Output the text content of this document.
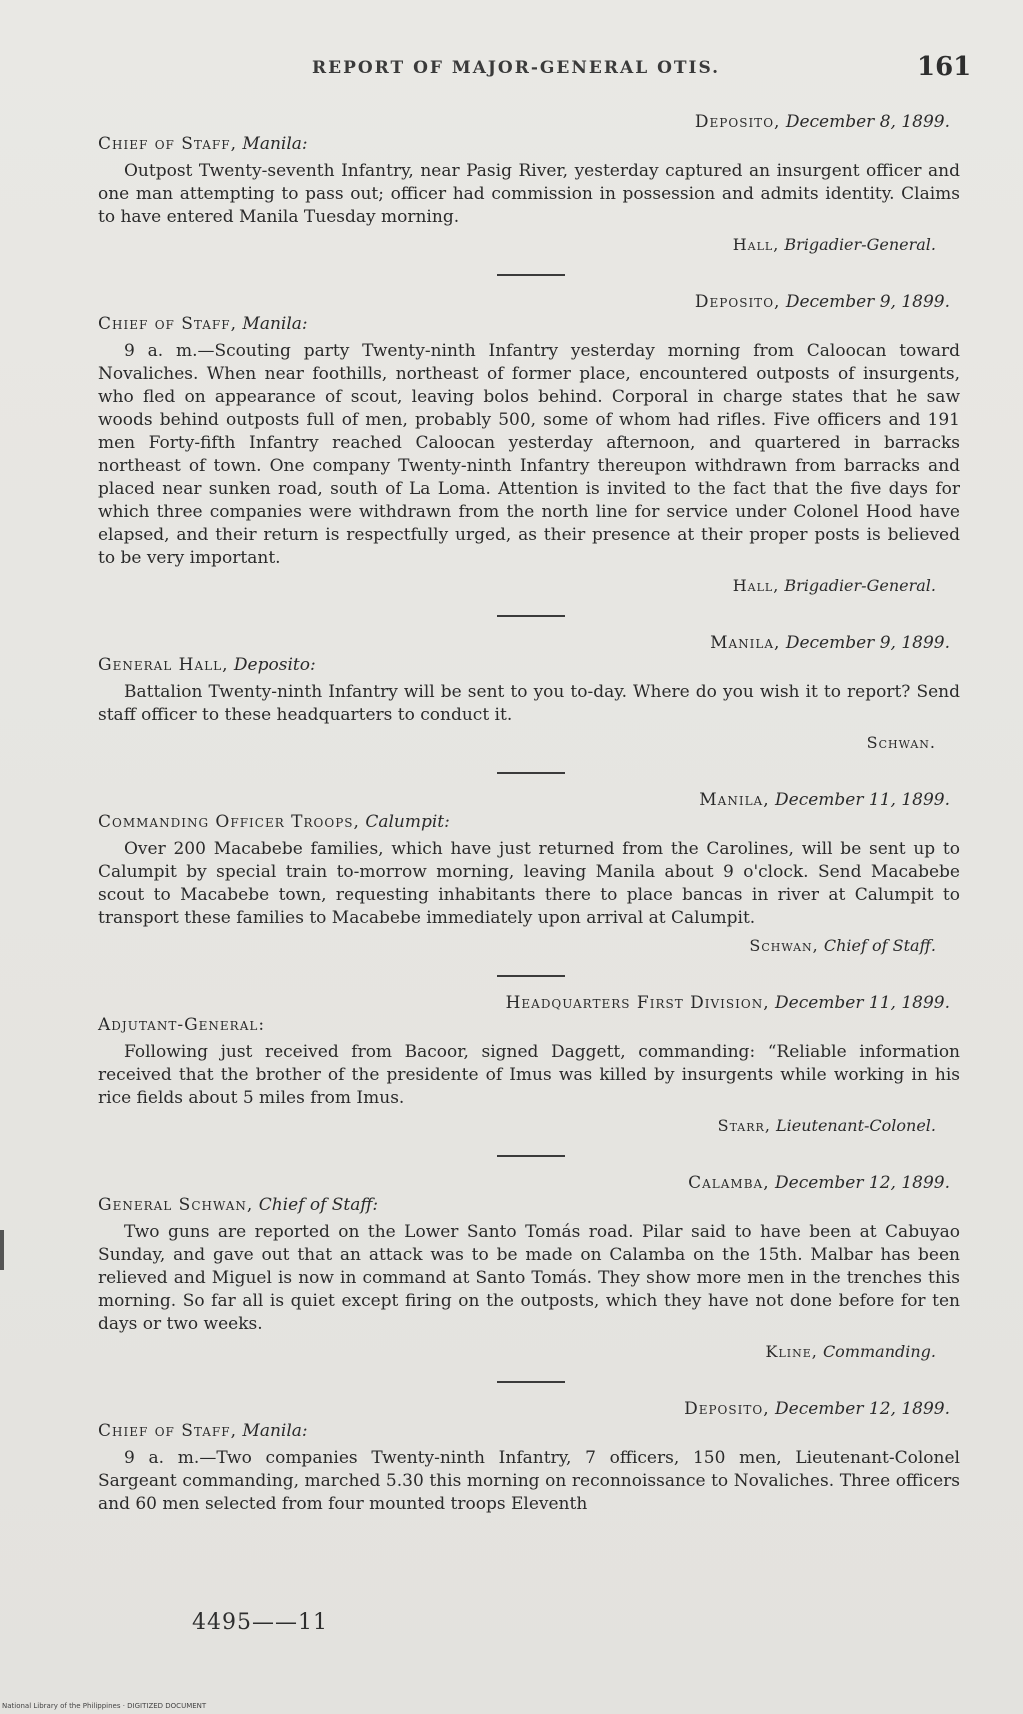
REPORT OF MAJOR-GENERAL OTIS.	161

Deposito, December 8, 1899.

Chief of Staff, Manila:

Outpost Twenty-seventh Infantry, near Pasig River, yesterday captured an insurgent officer and one man attempting to pass out; officer had commission in possession and admits identity. Claims to have entered Manila Tuesday morning.

Hall, Brigadier-General.

Deposito, December 9, 1899.

Chief of Staff, Manila:

9 a. m.—Scouting party Twenty-ninth Infantry yesterday morning from Caloocan toward Novaliches. When near foothills, northeast of former place, encountered outposts of insurgents, who fled on appearance of scout, leaving bolos behind. Corporal in charge states that he saw woods behind outposts full of men, probably 500, some of whom had rifles. Five officers and 191 men Forty-fifth Infantry reached Caloocan yesterday afternoon, and quartered in barracks northeast of town. One company Twenty-ninth Infantry thereupon withdrawn from barracks and placed near sunken road, south of La Loma. Attention is invited to the fact that the five days for which three companies were withdrawn from the north line for service under Colonel Hood have elapsed, and their return is respectfully urged, as their presence at their proper posts is believed to be very important.

Hall, Brigadier-General.

Manila, December 9, 1899.

General Hall, Deposito:

Battalion Twenty-ninth Infantry will be sent to you to-day. Where do you wish it to report? Send staff officer to these headquarters to conduct it.

Schwan.

Manila, December 11, 1899.

Commanding Officer Troops, Calumpit:

Over 200 Macabebe families, which have just returned from the Carolines, will be sent up to Calumpit by special train to-morrow morning, leaving Manila about 9 o'clock. Send Macabebe scout to Macabebe town, requesting inhabitants there to place bancas in river at Calumpit to transport these families to Macabebe immediately upon arrival at Calumpit.

Schwan, Chief of Staff.

Headquarters First Division, December 11, 1899.

Adjutant-General:

Following just received from Bacoor, signed Daggett, commanding: “Reliable information received that the brother of the presidente of Imus was killed by insurgents while working in his rice fields about 5 miles from Imus.

Starr, Lieutenant-Colonel.

Calamba, December 12, 1899.

General Schwan, Chief of Staff:

Two guns are reported on the Lower Santo Tomás road. Pilar said to have been at Cabuyao Sunday, and gave out that an attack was to be made on Calamba on the 15th. Malbar has been relieved and Miguel is now in command at Santo Tomás. They show more men in the trenches this morning. So far all is quiet except firing on the outposts, which they have not done before for ten days or two weeks.

Kline, Commanding.

Deposito, December 12, 1899.

Chief of Staff, Manila:

9 a. m.—Two companies Twenty-ninth Infantry, 7 officers, 150 men, Lieutenant-Colonel Sargeant commanding, marched 5.30 this morning on reconnoissance to Novaliches. Three officers and 60 men selected from four mounted troops Eleventh

4495——11
National Library of the Philippines · DIGITIZED DOCUMENT
